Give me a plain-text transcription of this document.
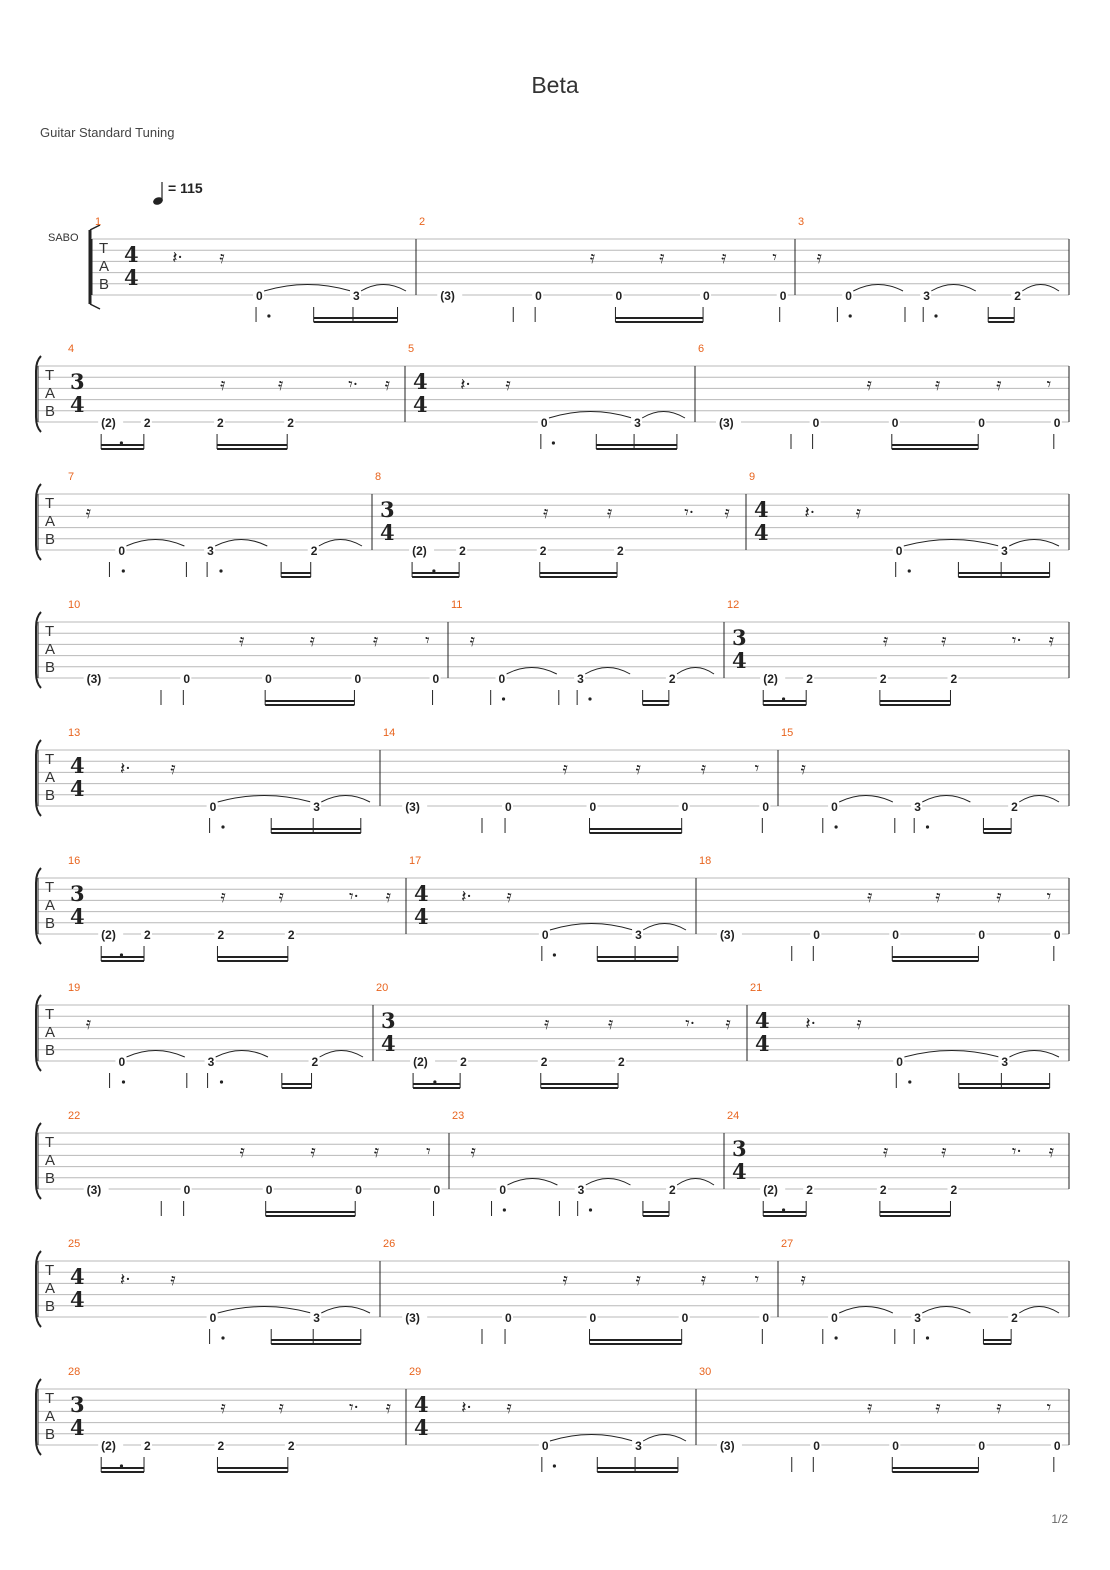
Beta
Guitar Standard Tuning
= 115
SABO
T
A
B
1
4
4
𝄽· 𝄿
0	3
2
𝄿	𝄿	𝄿	𝄾
(3)	0	0	0	0
3
𝄿
0	3	2
T
A
B
4
3
4
𝄿	𝄿	𝄾· 𝄿
(2) 2	2	2
5
4
4
𝄽· 𝄿
0	3
6
𝄿	𝄿	𝄿	𝄾
(3)	0	0	0	0
T
A
B
7
𝄿
0	3	2
8
3
4
𝄿	𝄿	𝄾· 𝄿
(2)	2	2	2
9
4
4
𝄽· 𝄿
0	3
T
A
B
10
𝄿	𝄿	𝄿	𝄾
(3)	0	0	0	0
11
𝄿
0	3	2
12
3
4
𝄿	𝄿	𝄾· 𝄿
(2) 2	2	2
T
A
B
13
4
4
𝄽· 𝄿
0	3
14
𝄿	𝄿	𝄿	𝄾
(3)	0	0	0	0
15
𝄿
0	3	2
T
A
B
16
3
4
𝄿	𝄿	𝄾· 𝄿
(2) 2	2	2
17
4
4
𝄽· 𝄿
0	3
18
𝄿	𝄿	𝄿	𝄾
(3)	0	0	0	0
T
A
B
19
𝄿
0	3	2
20
3
4
𝄿	𝄿	𝄾· 𝄿
(2)	2	2	2
21
4
4
𝄽· 𝄿
0	3
T
A
B
22
𝄿	𝄿	𝄿	𝄾
(3)	0	0	0	0
23
𝄿
0	3	2
24
3
4
𝄿	𝄿	𝄾· 𝄿
(2) 2	2	2
T
A
B
25
4
4
𝄽· 𝄿
0	3
26
𝄿	𝄿	𝄿	𝄾
(3)	0	0	0	0
27
𝄿
0	3	2
T
A
B
28
3
4
𝄿	𝄿	𝄾· 𝄿
(2) 2	2	2
29
4
4
𝄽· 𝄿
0	3
30
𝄿	𝄿	𝄿	𝄾
(3)	0	0	0	0
1/2
